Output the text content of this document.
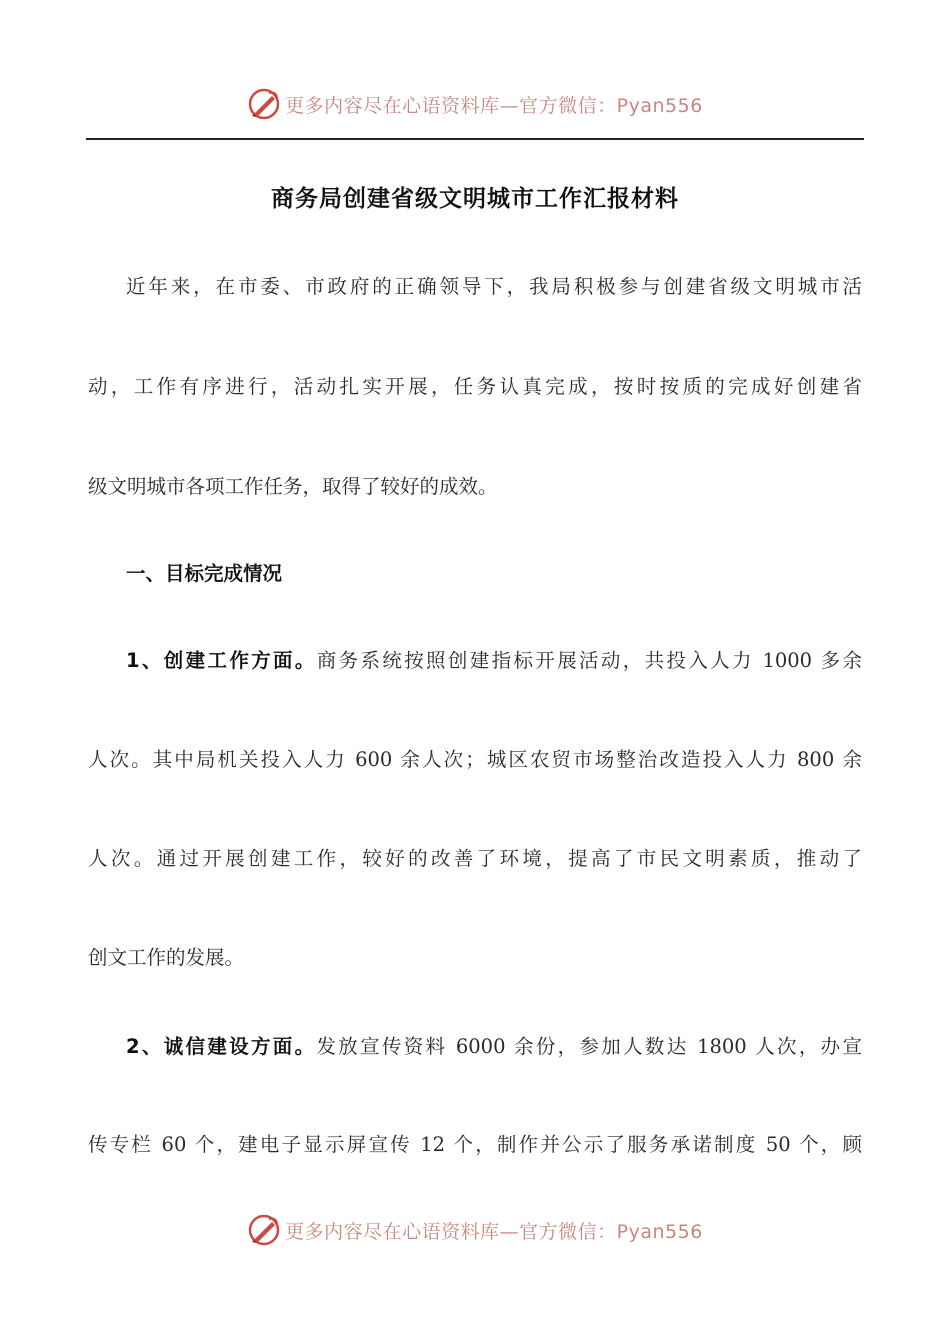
更多内容尽在心语资料库—官方微信：Pyan556
商务局创建省级文明城市工作汇报材料
近年来，在市委、市政府的正确领导下，我局积极参与创建省级文明城市活
动，工作有序进行，活动扎实开展，任务认真完成，按时按质的完成好创建省
级文明城市各项工作任务，取得了较好的成效。
一、目标完成情况
1、创建工作方面。商务系统按照创建指标开展活动，共投入人力 1000 多余
人次。其中局机关投入人力 600 余人次；城区农贸市场整治改造投入人力 800 余
人次。通过开展创建工作，较好的改善了环境，提高了市民文明素质，推动了
创文工作的发展。
2、诚信建设方面。发放宣传资料 6000 余份，参加人数达 1800 人次，办宣
传专栏 60 个，建电子显示屏宣传 12 个，制作并公示了服务承诺制度 50 个，顾
更多内容尽在心语资料库—官方微信：Pyan556
